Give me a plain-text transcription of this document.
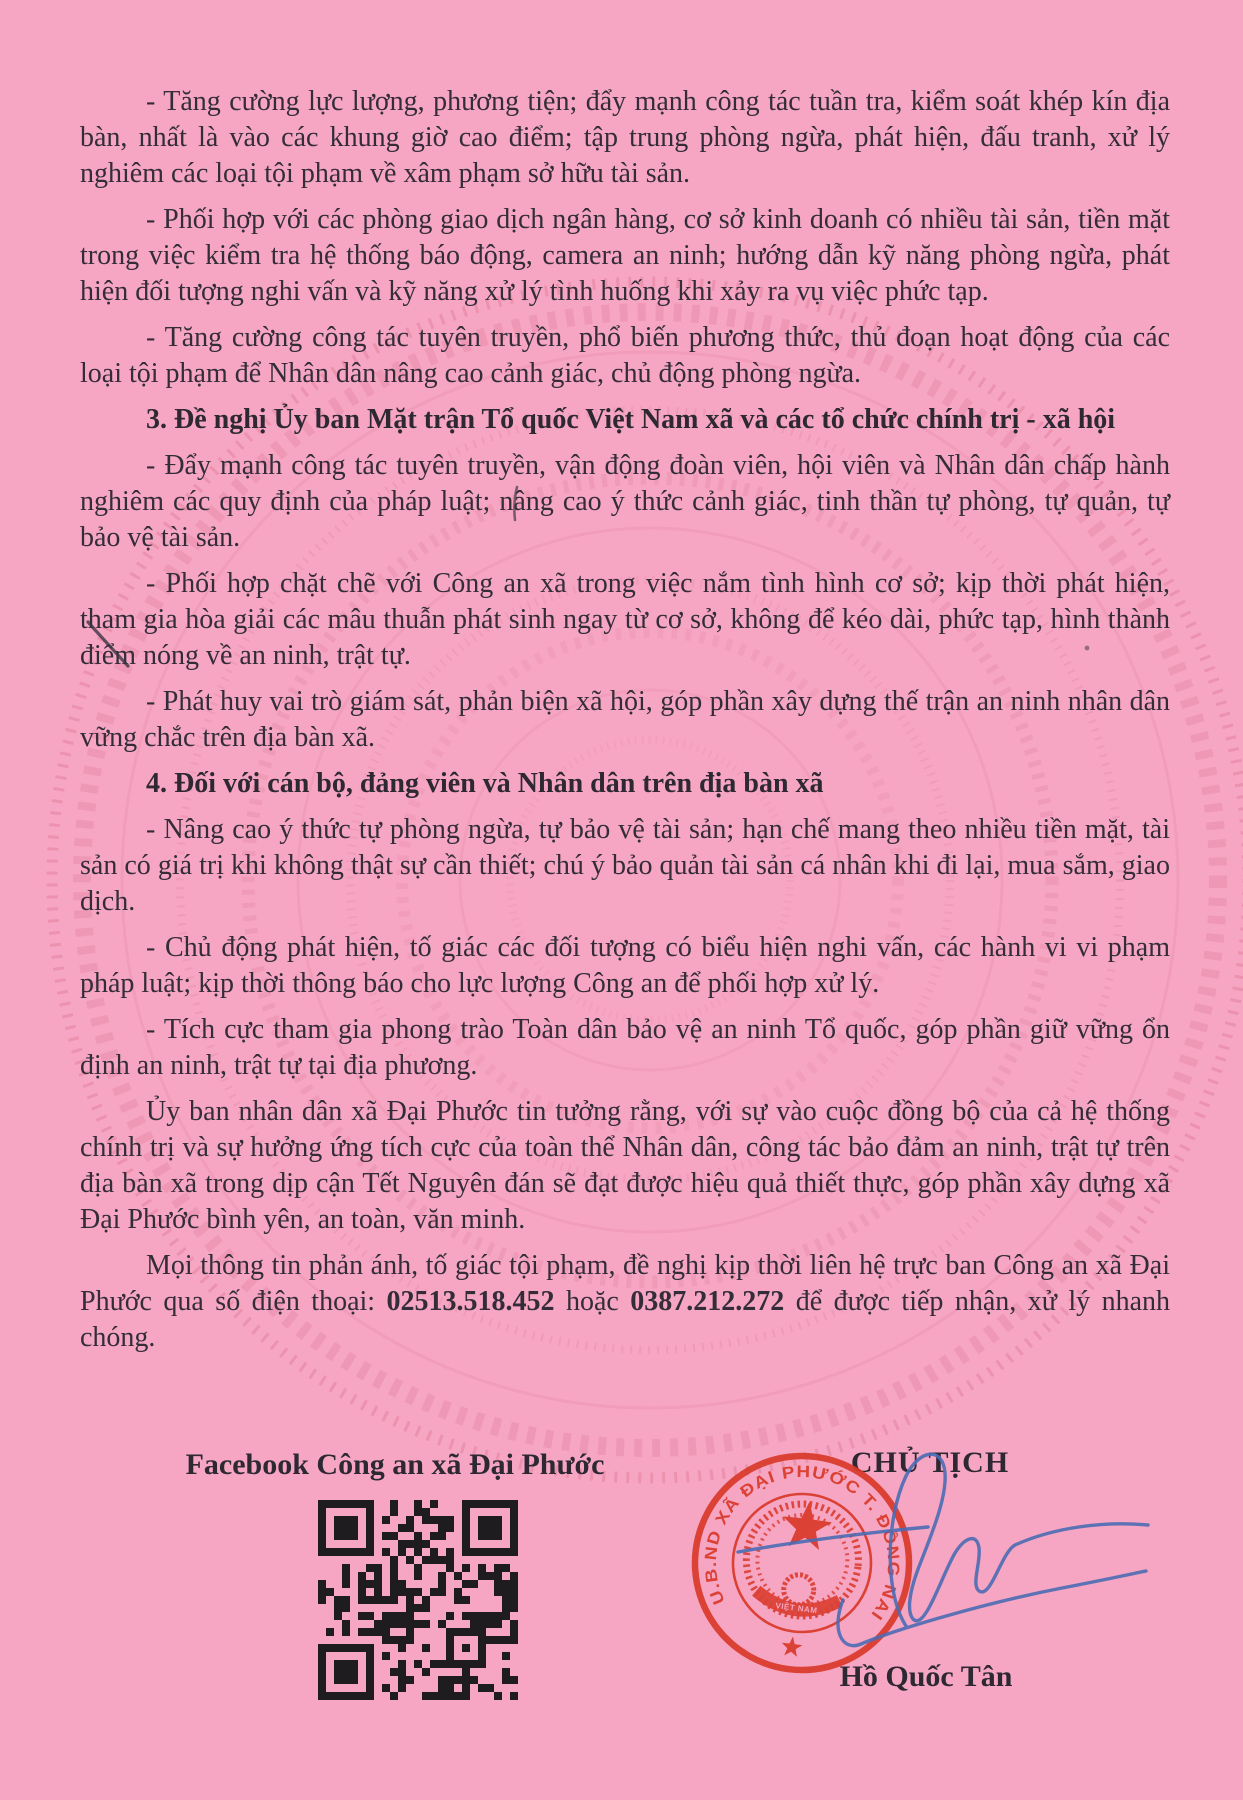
- Tăng cường lực lượng, phương tiện; đẩy mạnh công tác tuần tra, kiểm soát khép kín địa bàn, nhất là vào các khung giờ cao điểm; tập trung phòng ngừa, phát hiện, đấu tranh, xử lý nghiêm các loại tội phạm về xâm phạm sở hữu tài sản.

- Phối hợp với các phòng giao dịch ngân hàng, cơ sở kinh doanh có nhiều tài sản, tiền mặt trong việc kiểm tra hệ thống báo động, camera an ninh; hướng dẫn kỹ năng phòng ngừa, phát hiện đối tượng nghi vấn và kỹ năng xử lý tình huống khi xảy ra vụ việc phức tạp.

- Tăng cường công tác tuyên truyền, phổ biến phương thức, thủ đoạn hoạt động của các loại tội phạm để Nhân dân nâng cao cảnh giác, chủ động phòng ngừa.

3. Đề nghị Ủy ban Mặt trận Tổ quốc Việt Nam xã và các tổ chức chính trị - xã hội

- Đẩy mạnh công tác tuyên truyền, vận động đoàn viên, hội viên và Nhân dân chấp hành nghiêm các quy định của pháp luật; nâng cao ý thức cảnh giác, tinh thần tự phòng, tự quản, tự bảo vệ tài sản.

- Phối hợp chặt chẽ với Công an xã trong việc nắm tình hình cơ sở; kịp thời phát hiện, tham gia hòa giải các mâu thuẫn phát sinh ngay từ cơ sở, không để kéo dài, phức tạp, hình thành điểm nóng về an ninh, trật tự.

- Phát huy vai trò giám sát, phản biện xã hội, góp phần xây dựng thế trận an ninh nhân dân vững chắc trên địa bàn xã.

4. Đối với cán bộ, đảng viên và Nhân dân trên địa bàn xã

- Nâng cao ý thức tự phòng ngừa, tự bảo vệ tài sản; hạn chế mang theo nhiều tiền mặt, tài sản có giá trị khi không thật sự cần thiết; chú ý bảo quản tài sản cá nhân khi đi lại, mua sắm, giao dịch.

- Chủ động phát hiện, tố giác các đối tượng có biểu hiện nghi vấn, các hành vi vi phạm pháp luật; kịp thời thông báo cho lực lượng Công an để phối hợp xử lý.

- Tích cực tham gia phong trào Toàn dân bảo vệ an ninh Tổ quốc, góp phần giữ vững ổn định an ninh, trật tự tại địa phương.

Ủy ban nhân dân xã Đại Phước tin tưởng rằng, với sự vào cuộc đồng bộ của cả hệ thống chính trị và sự hưởng ứng tích cực của toàn thể Nhân dân, công tác bảo đảm an ninh, trật tự trên địa bàn xã trong dịp cận Tết Nguyên đán sẽ đạt được hiệu quả thiết thực, góp phần xây dựng xã Đại Phước bình yên, an toàn, văn minh.

Mọi thông tin phản ánh, tố giác tội phạm, đề nghị kịp thời liên hệ trực ban Công an xã Đại Phước qua số điện thoại: 02513.518.452 hoặc 0387.212.272 để được tiếp nhận, xử lý nhanh chóng.

Facebook Công an xã Đại Phước	CHỦ TỊCH
Hồ Quốc Tân
VIỆT NAM
U.B.ND XÃ ĐẠI PHƯỚC T. ĐỒNG NAI
